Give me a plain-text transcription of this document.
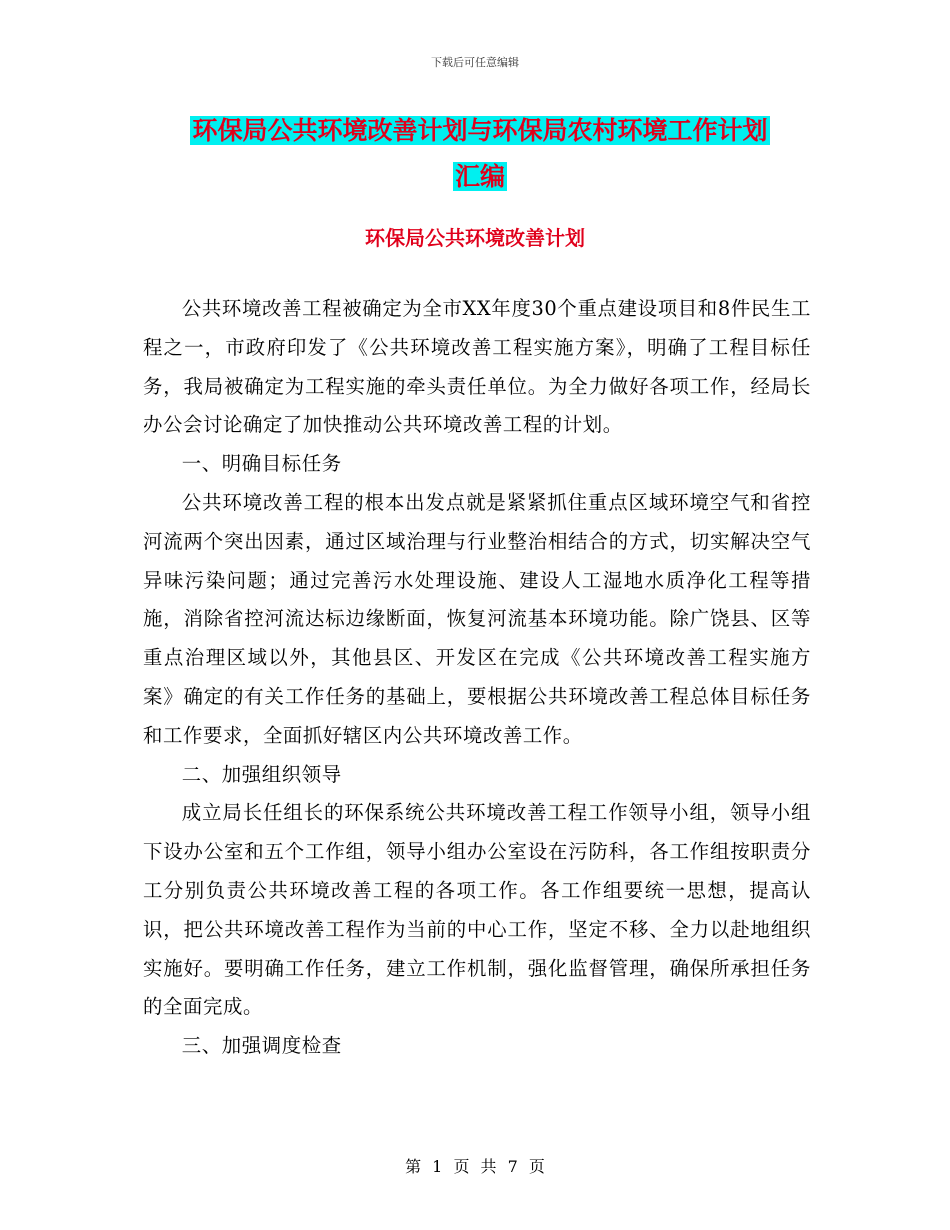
下载后可任意编辑
环保局公共环境改善计划与环保局农村环境工作计划
汇编
环保局公共环境改善计划

公共环境改善工程被确定为全市XX年度30个重点建设项目和8件民生工程之一，市政府印发了《公共环境改善工程实施方案》，明确了工程目标任务，我局被确定为工程实施的牵头责任单位。为全力做好各项工作，经局长办公会讨论确定了加快推动公共环境改善工程的计划。

一、明确目标任务

公共环境改善工程的根本出发点就是紧紧抓住重点区域环境空气和省控河流两个突出因素，通过区域治理与行业整治相结合的方式，切实解决空气异味污染问题；通过完善污水处理设施、建设人工湿地水质净化工程等措施，消除省控河流达标边缘断面，恢复河流基本环境功能。除广饶县、区等重点治理区域以外，其他县区、开发区在完成《公共环境改善工程实施方案》确定的有关工作任务的基础上，要根据公共环境改善工程总体目标任务和工作要求，全面抓好辖区内公共环境改善工作。

二、加强组织领导

成立局长任组长的环保系统公共环境改善工程工作领导小组，领导小组下设办公室和五个工作组，领导小组办公室设在污防科，各工作组按职责分工分别负责公共环境改善工程的各项工作。各工作组要统一思想，提高认识，把公共环境改善工程作为当前的中心工作，坚定不移、全力以赴地组织实施好。要明确工作任务，建立工作机制，强化监督管理，确保所承担任务的全面完成。

三、加强调度检查

第 1 页 共 7 页
